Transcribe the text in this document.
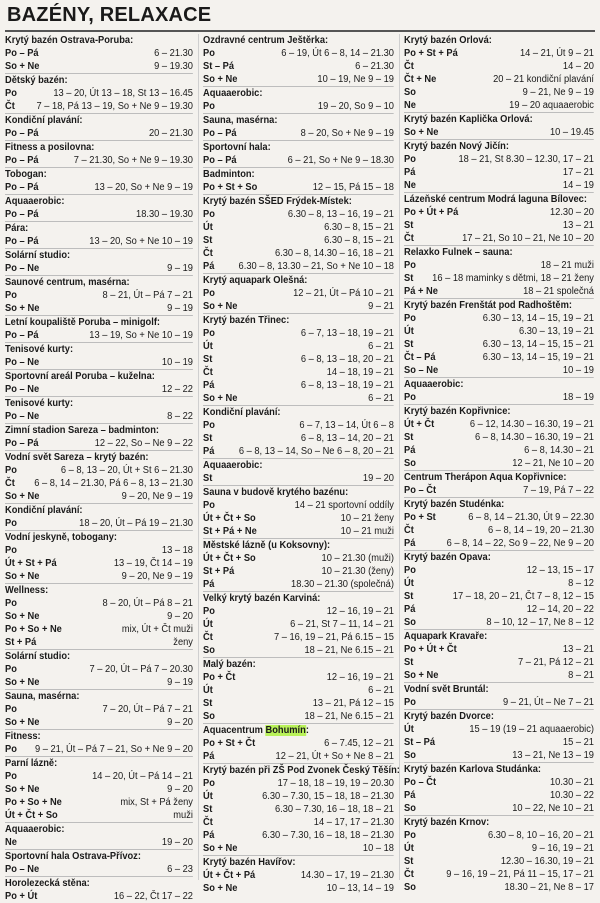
BAZÉNY, RELAXACE
Krytý bazén Ostrava-Poruba:
Po – Pá	6 – 21.30
So + Ne	9 – 19.30
Dětský bazén:
Po	13 – 20, Út 13 – 18, St 13 – 16.45
Čt 7 – 18, Pá 13 – 19, So + Ne 9 – 19.30
Kondiční plavání:
Po – Pá	20 – 21.30
Fitness a posilovna:
Po – Pá	7 – 21.30, So + Ne 9 – 19.30
Tobogan:
Po – Pá	13 – 20, So + Ne 9 – 19
Aquaaerobic:
Po – Pá	18.30 – 19.30
Pára:
Po – Pá	13 – 20, So + Ne 10 – 19
Solární studio:
Po – Ne	9 – 19
Saunové centrum, masérna:
Po	8 – 21, Út – Pá 7 – 21
So + Ne	9 – 19
Letní koupaliště Poruba – minigolf:
Po – Pá	13 – 19, So + Ne 10 – 19
Tenisové kurty:
Po – Ne	10 – 19
Sportovní areál Poruba – kuželna:
Po – Ne	12 – 22
Tenisové kurty:
Po – Ne	8 – 22
Zimní stadion Sareza – badminton:
Po – Pá	12 – 22, So – Ne 9 – 22
Vodní svět Sareza – krytý bazén:
Po	6 – 8, 13 – 20, Út + St 6 – 21.30
Čt 6 – 8, 14 – 21.30, Pá 6 – 8, 13 – 21.30
So + Ne	9 – 20, Ne 9 – 19
Kondiční plavání:
Po	18 – 20, Út – Pá 19 – 21.30
Vodní jeskyně, tobogany:
Po	13 – 18
Út + St + Pá	13 – 19, Čt 14 – 19
So + Ne	9 – 20, Ne 9 – 19
Wellness:
Po	8 – 20, Út – Pá 8 – 21
So + Ne	9 – 20
Po + So + Ne	mix, Út + Čt muži
St + Pá	ženy
Solární studio:
Po	7 – 20, Út – Pá 7 – 20.30
So + Ne	9 – 19
Sauna, masérna:
Po	7 – 20, Út – Pá 7 – 21
So + Ne	9 – 20
Fitness:
Po 9 – 21, Út – Pá 7 – 21, So + Ne 9 – 20
Parní lázně:
Po	14 – 20, Út – Pá 14 – 21
So + Ne	9 – 20
Po + So + Ne	mix, St + Pá ženy
Út + Čt + So	muži
Aquaaerobic:
Ne	19 – 20
Sportovní hala Ostrava-Přívoz:
Po – Ne	6 – 23
Horolezecká stěna:
Po + Út	16 – 22, Čt 17 – 22
Ozdravné centrum Ještěrka:
Po	6 – 19, Út 6 – 8, 14 – 21.30
St – Pá	6 – 21.30
So + Ne	10 – 19, Ne 9 – 19
Aquaaerobic:
Po	19 – 20, So 9 – 10
Sauna, masérna:
Po – Pá	8 – 20, So + Ne 9 – 19
Sportovní hala:
Po – Pá	6 – 21, So + Ne 9 – 18.30
Badminton:
Po + St + So	12 – 15, Pá 15 – 18
Krytý bazén SŠED Frýdek-Místek:
Po	6.30 – 8, 13 – 16, 19 – 21
Út	6.30 – 8, 15 – 21
St	6.30 – 8, 15 – 21
Čt	6.30 – 8, 14.30 – 16, 18 – 21
Pá 6.30 – 8, 13.30 – 21, So + Ne 10 – 18
Krytý aquapark Olešná:
Po	12 – 21, Út – Pá 10 – 21
So + Ne	9 – 21
Krytý bazén Třinec:
Po	6 – 7, 13 – 18, 19 – 21
Út	6 – 21
St	6 – 8, 13 – 18, 20 – 21
Čt	14 – 18, 19 – 21
Pá	6 – 8, 13 – 18, 19 – 21
So + Ne	6 – 21
Kondiční plavání:
Po	6 – 7, 13 – 14, Út 6 – 8
St	6 – 8, 13 – 14, 20 – 21
Pá 6 – 8, 13 – 14, So – Ne 6 – 8, 20 – 21
Aquaaerobic:
St	19 – 20
Sauna v budově krytého bazénu:
Po	14 – 21 sportovní oddíly
Út + Čt + So	10 – 21 ženy
St + Pá + Ne	10 – 21 muži
Městské lázně (u Koksovny):
Út + Čt + So	10 – 21.30 (muži)
St + Pá	10 – 21.30 (ženy)
Pá	18.30 – 21.30 (společná)
Velký krytý bazén Karviná:
Po	12 – 16, 19 – 21
Út	6 – 21, St 7 – 11, 14 – 21
Čt	7 – 16, 19 – 21, Pá 6.15 – 15
So	18 – 21, Ne 6.15 – 21
Malý bazén:
Po + Čt	12 – 16, 19 – 21
Út	6 – 21
St	13 – 21, Pá 12 – 15
So	18 – 21, Ne 6.15 – 21
Aquacentrum Bohumín:
Po + St + Čt	6 – 7.45, 12 – 21
Pá	12 – 21, Út + So + Ne 8 – 21
Krytý bazén při ZŠ Pod Zvonek Český Těšín:
Po	17 – 18, 18 – 19, 19 – 20.30
Út	6.30 – 7.30, 15 – 18, 18 – 21.30
St	6.30 – 7.30, 16 – 18, 18 – 21
Čt	14 – 17, 17 – 21.30
Pá	6.30 – 7.30, 16 – 18, 18 – 21.30
So + Ne	10 – 18
Krytý bazén Havířov:
Út + Čt + Pá	14.30 – 17, 19 – 21.30
So + Ne	10 – 13, 14 – 19
Krytý bazén Orlová:
Po + St + Pá	14 – 21, Út 9 – 21
Čt	14 – 20
Čt + Ne	20 – 21 kondiční plavání
So	9 – 21, Ne 9 – 19
Ne	19 – 20 aquaaerobic
Krytý bazén Kaplička Orlová:
So + Ne	10 – 19.45
Krytý bazén Nový Jičín:
Po	18 – 21, St 8.30 – 12.30, 17 – 21
Pá	17 – 21
Ne	14 – 19
Lázeňské centrum Modrá laguna Bílovec:
Po + Út + Pá	12.30 – 20
St	13 – 21
Čt	17 – 21, So 10 – 21, Ne 10 – 20
Relaxko Fulnek – sauna:
Po	18 – 21 muži
St 16 – 18 maminky s dětmi, 18 – 21 ženy
Pá + Ne	18 – 21 společná
Krytý bazén Frenštát pod Radhoštěm:
Po	6.30 – 13, 14 – 15, 19 – 21
Út	6.30 – 13, 19 – 21
St	6.30 – 13, 14 – 15, 15 – 21
Čt – Pá	6.30 – 13, 14 – 15, 19 – 21
So – Ne	10 – 19
Aquaaerobic:
Po	18 – 19
Krytý bazén Kopřivnice:
Út + Čt	6 – 12, 14.30 – 16.30, 19 – 21
St	6 – 8, 14.30 – 16.30, 19 – 21
Pá	6 – 8, 14.30 – 21
So	12 – 21, Ne 10 – 20
Centrum Therápon Aqua Kopřivnice:
Po – Čt	7 – 19, Pá 7 – 22
Krytý bazén Studénka:
Po + St	6 – 8, 14 – 21.30, Út 9 – 22.30
Čt	6 – 8, 14 – 19, 20 – 21.30
Pá	6 – 8, 14 – 22, So 9 – 22, Ne 9 – 20
Krytý bazén Opava:
Po	12 – 13, 15 – 17
Út	8 – 12
St	17 – 18, 20 – 21, Čt 7 – 8, 12 – 15
Pá	12 – 14, 20 – 22
So	8 – 10, 12 – 17, Ne 8 – 12
Aquapark Kravaře:
Po + Út + Čt	13 – 21
St	7 – 21, Pá 12 – 21
So + Ne	8 – 21
Vodní svět Bruntál:
Po	9 – 21, Út – Ne 7 – 21
Krytý bazén Dvorce:
Út	15 – 19 (19 – 21 aquaaerobic)
St – Pá	15 – 21
So	13 – 21, Ne 13 – 19
Krytý bazén Karlova Studánka:
Po – Čt	10.30 – 21
Pá	10.30 – 22
So	10 – 22, Ne 10 – 21
Krytý bazén Krnov:
Po	6.30 – 8, 10 – 16, 20 – 21
Út	9 – 16, 19 – 21
St	12.30 – 16.30, 19 – 21
Čt	9 – 16, 19 – 21, Pá 11 – 15, 17 – 21
So	18.30 – 21, Ne 8 – 17
